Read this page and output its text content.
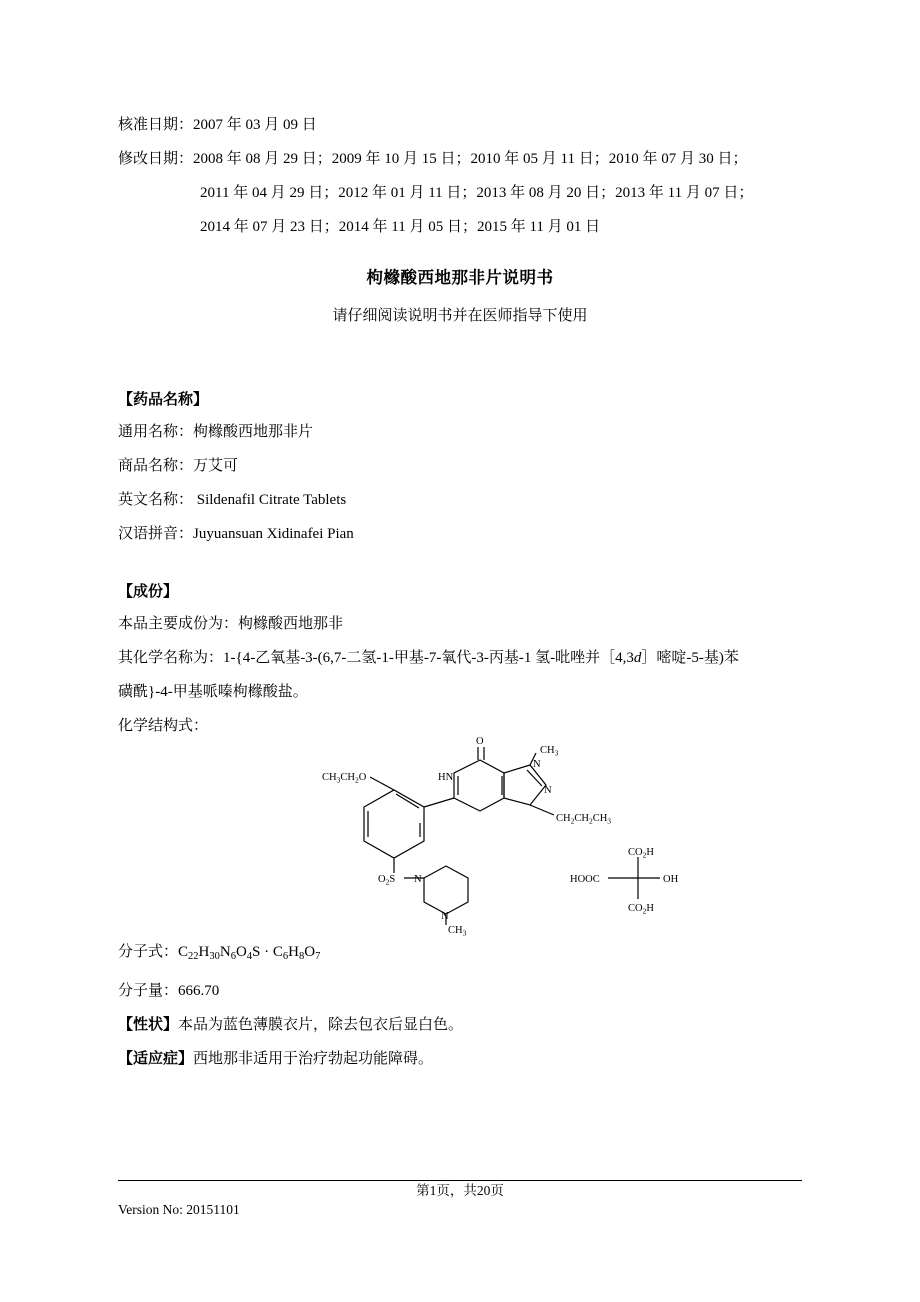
核准日期：2007 年 03 月 09 日
修改日期：2008 年 08 月 29 日；2009 年 10 月 15 日；2010 年 05 月 11 日；2010 年 07 月 30 日；
2011 年 04 月 29 日；2012 年 01 月 11 日；2013 年 08 月 20 日；2013 年 11 月 07 日；
2014 年 07 月 23 日；2014 年 11 月 05 日；2015 年 11 月 01 日
枸橼酸西地那非片说明书
请仔细阅读说明书并在医师指导下使用
【药品名称】
通用名称：枸橼酸西地那非片
商品名称：万艾可
英文名称： Sildenafil Citrate Tablets
汉语拼音：Juyuansuan Xidinafei Pian
【成份】
本品主要成份为：枸橼酸西地那非
其化学名称为：1-{4-乙氧基-3-(6,7-二氢-1-甲基-7-氧代-3-丙基-1 氢-吡唑并［4,3d］嘧啶-5-基)苯
磺酰}-4-甲基哌嗪枸橼酸盐。
化学结构式：
$CH_3CH_2O$	HN
O
N
N
$CH_3$
$CH_2CH_2CH_3$
$O_2S$ N
N
$CH_3$
HOOC
$CO_2H$
OH
$CO_2H$
分子式：$C_{22}H_{30}N_6O_4S \cdot C_6H_8O_7$
分子量：666.70
【性状】本品为蓝色薄膜衣片，除去包衣后显白色。
【适应症】西地那非适用于治疗勃起功能障碍。
第1页，共20页
Version No: 20151101
